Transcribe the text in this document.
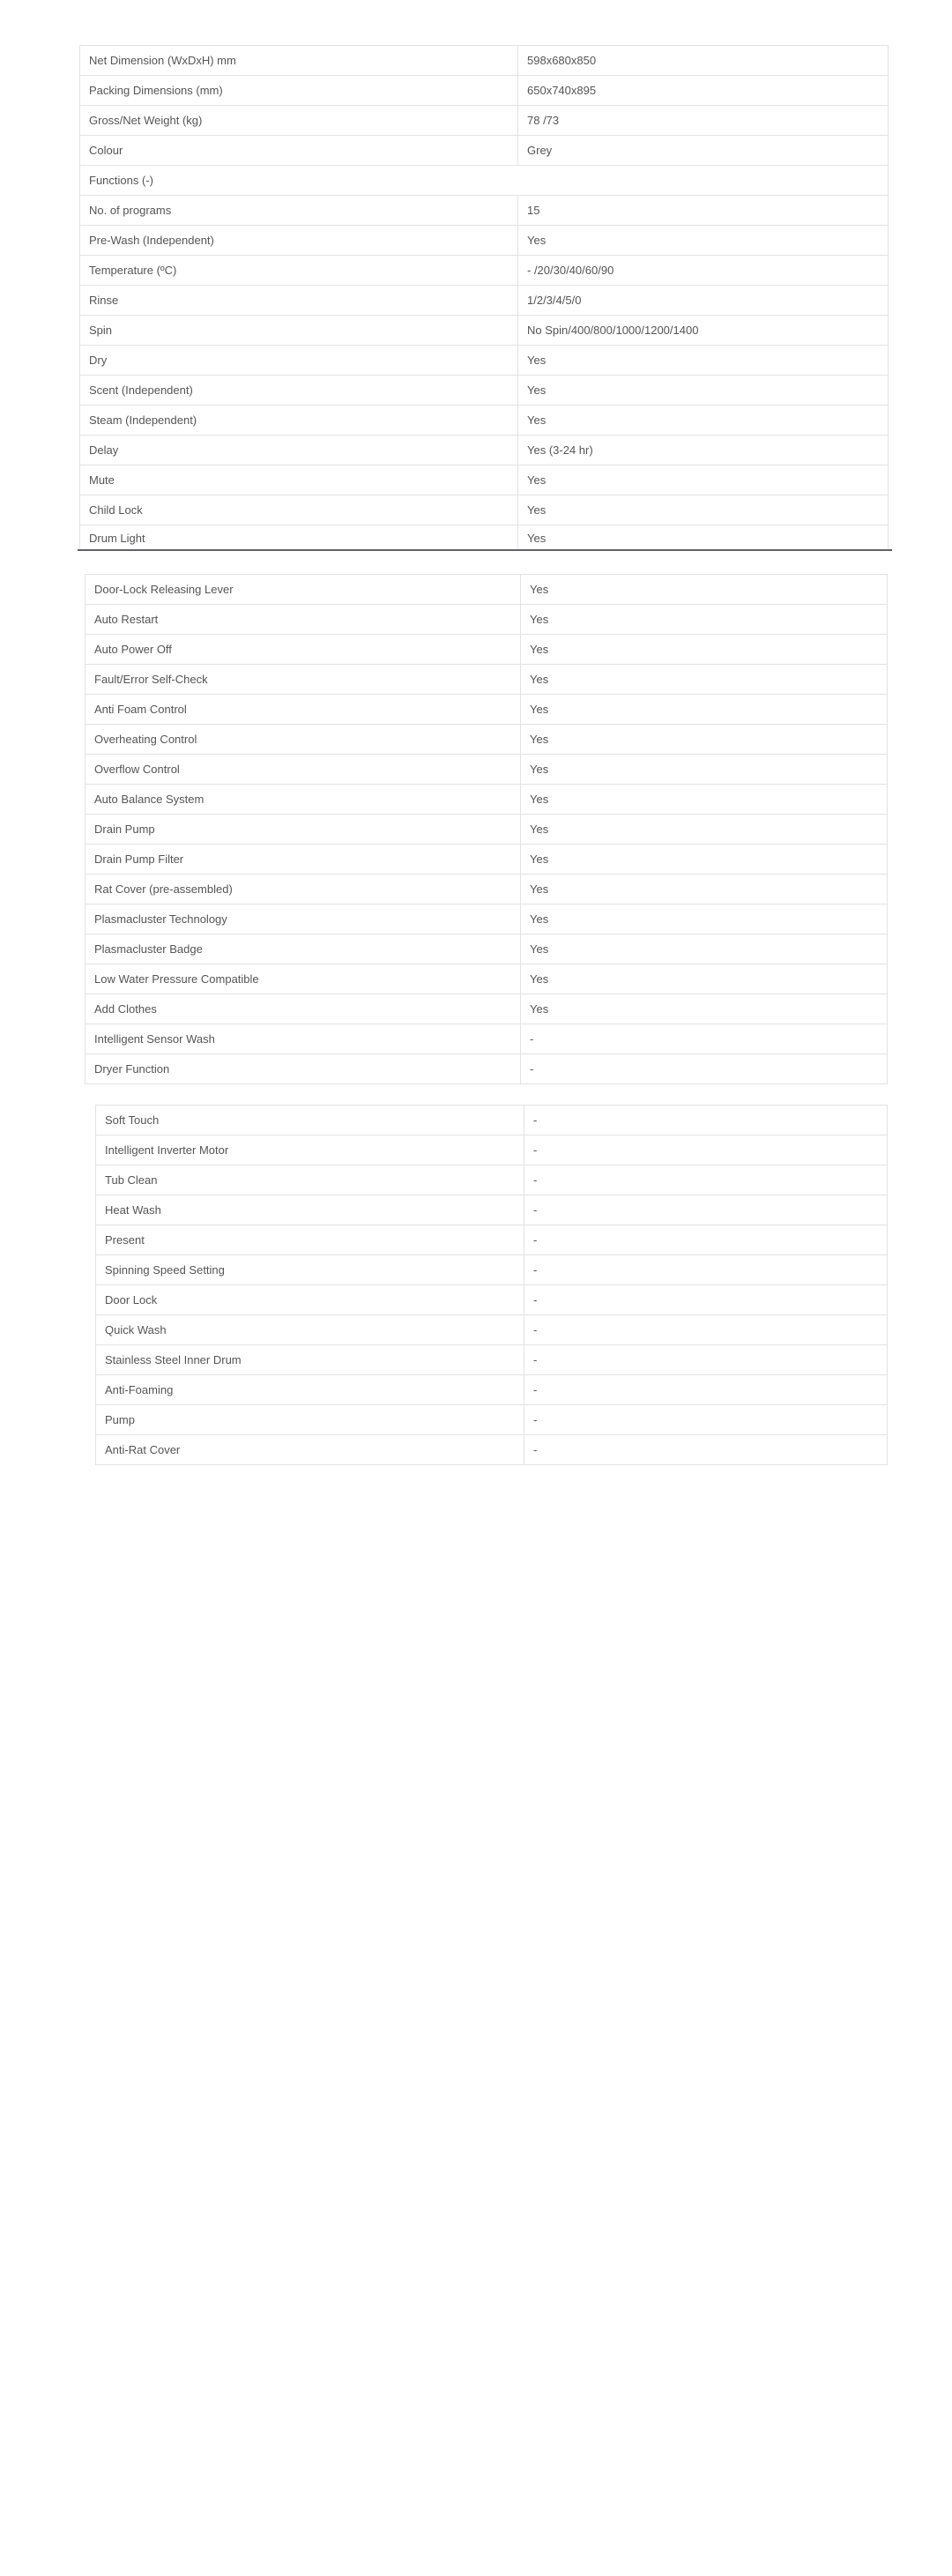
Net Dimension (WxDxH) mm	598x680x850
Packing Dimensions (mm)	650x740x895
Gross/Net Weight (kg)	78 /73
Colour	Grey
Functions (-)	
No. of programs	15
Pre-Wash (Independent)	Yes
Temperature (ºC)	- /20/30/40/60/90
Rinse	1/2/3/4/5/0
Spin	No Spin/400/800/1000/1200/1400
Dry	Yes
Scent (Independent)	Yes
Steam (Independent)	Yes
Delay	Yes (3-24 hr)
Mute	Yes
Child Lock	Yes
Drum Light	Yes
Door-Lock Releasing Lever	Yes
Auto Restart	Yes
Auto Power Off	Yes
Fault/Error Self-Check	Yes
Anti Foam Control	Yes
Overheating Control	Yes
Overflow Control	Yes
Auto Balance System	Yes
Drain Pump	Yes
Drain Pump Filter	Yes
Rat Cover (pre-assembled)	Yes
Plasmacluster Technology	Yes
Plasmacluster Badge	Yes
Low Water Pressure Compatible	Yes
Add Clothes	Yes
Intelligent Sensor Wash	-
Dryer Function	-
Soft Touch	-
Intelligent Inverter Motor	-
Tub Clean	-
Heat Wash	-
Present	-
Spinning Speed Setting	-
Door Lock	-
Quick Wash	-
Stainless Steel Inner Drum	-
Anti-Foaming	-
Pump	-
Anti-Rat Cover	-
